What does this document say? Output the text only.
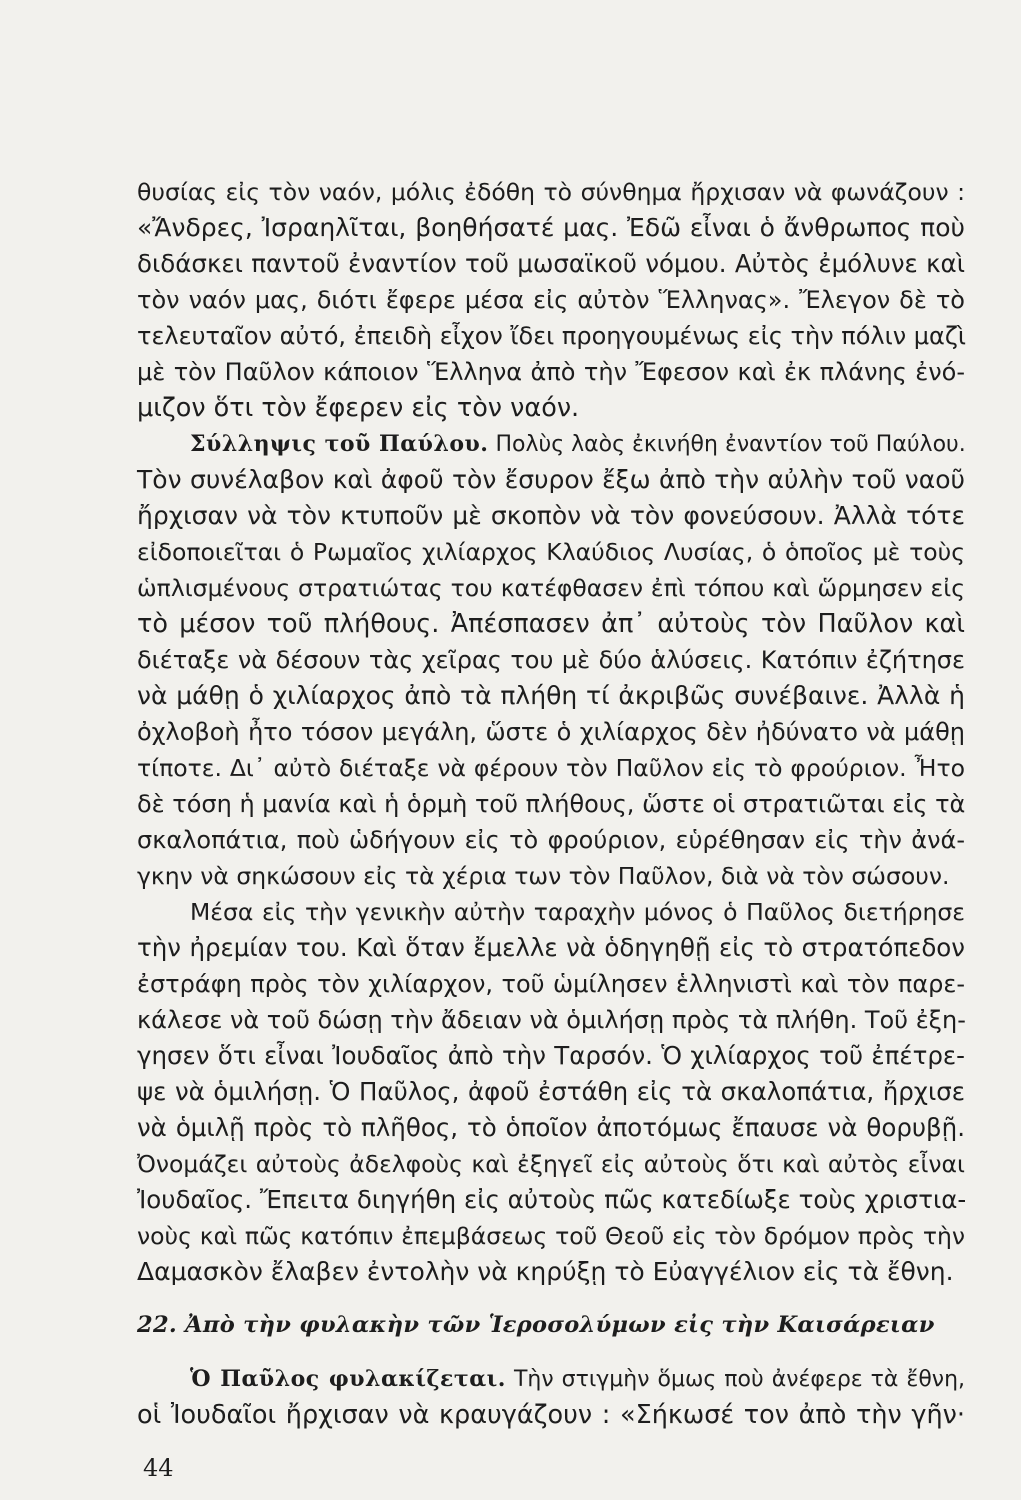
θυσίας εἰς τὸν ναόν, μόλις ἐδόθη τὸ σύνθημα ἤρχισαν νὰ φωνάζουν :
«Ἄνδρες, Ἰσραηλῖται, βοηθήσατέ μας. Ἐδῶ εἶναι ὁ ἄνθρωπος ποὺ
διδάσκει παντοῦ ἐναντίον τοῦ μωσαϊκοῦ νόμου. Αὐτὸς ἐμόλυνε καὶ
τὸν ναόν μας, διότι ἔφερε μέσα εἰς αὐτὸν Ἕλληνας». Ἔλεγον δὲ τὸ
τελευταῖον αὐτό, ἐπειδὴ εἶχον ἴδει προηγουμένως εἰς τὴν πόλιν μαζὶ
μὲ τὸν Παῦλον κάποιον Ἕλληνα ἀπὸ τὴν Ἔφεσον καὶ ἐκ πλάνης ἐνό-
μιζον ὅτι τὸν ἔφερεν εἰς τὸν ναόν.
Σύλληψις τοῦ Παύλου. Πολὺς λαὸς ἐκινήθη ἐναντίον τοῦ Παύλου.
Τὸν συνέλαβον καὶ ἀφοῦ τὸν ἔσυρον ἔξω ἀπὸ τὴν αὐλὴν τοῦ ναοῦ
ἤρχισαν νὰ τὸν κτυποῦν μὲ σκοπὸν νὰ τὸν φονεύσουν. Ἀλλὰ τότε
εἰδοποιεῖται ὁ Ρωμαῖος χιλίαρχος Κλαύδιος Λυσίας, ὁ ὁποῖος μὲ τοὺς
ὡπλισμένους στρατιώτας του κατέφθασεν ἐπὶ τόπου καὶ ὥρμησεν εἰς
τὸ μέσον τοῦ πλήθους. Ἀπέσπασεν ἀπ᾽ αὐτοὺς τὸν Παῦλον καὶ
διέταξε νὰ δέσουν τὰς χεῖρας του μὲ δύο ἁλύσεις. Κατόπιν ἐζήτησε
νὰ μάθῃ ὁ χιλίαρχος ἀπὸ τὰ πλήθη τί ἀκριβῶς συνέβαινε. Ἀλλὰ ἡ
ὀχλοβοὴ ἦτο τόσον μεγάλη, ὥστε ὁ χιλίαρχος δὲν ἠδύνατο νὰ μάθῃ
τίποτε. Δι᾽ αὐτὸ διέταξε νὰ φέρουν τὸν Παῦλον εἰς τὸ φρούριον. Ἦτο
δὲ τόση ἡ μανία καὶ ἡ ὁρμὴ τοῦ πλήθους, ὥστε οἱ στρατιῶται εἰς τὰ
σκαλοπάτια, ποὺ ὡδήγουν εἰς τὸ φρούριον, εὑρέθησαν εἰς τὴν ἀνά-
γκην νὰ σηκώσουν εἰς τὰ χέρια των τὸν Παῦλον, διὰ νὰ τὸν σώσουν.
Μέσα εἰς τὴν γενικὴν αὐτὴν ταραχὴν μόνος ὁ Παῦλος διετήρησε
τὴν ἠρεμίαν του. Καὶ ὅταν ἔμελλε νὰ ὁδηγηθῇ εἰς τὸ στρατόπεδον
ἐστράφη πρὸς τὸν χιλίαρχον, τοῦ ὡμίλησεν ἑλληνιστὶ καὶ τὸν παρε-
κάλεσε νὰ τοῦ δώσῃ τὴν ἄδειαν νὰ ὁμιλήσῃ πρὸς τὰ πλήθη. Τοῦ ἐξη-
γησεν ὅτι εἶναι Ἰουδαῖος ἀπὸ τὴν Ταρσόν. Ὁ χιλίαρχος τοῦ ἐπέτρε-
ψε νὰ ὁμιλήσῃ. Ὁ Παῦλος, ἀφοῦ ἐστάθη εἰς τὰ σκαλοπάτια, ἤρχισε
νὰ ὁμιλῇ πρὸς τὸ πλῆθος, τὸ ὁποῖον ἀποτόμως ἔπαυσε νὰ θορυβῇ.
Ὀνομάζει αὐτοὺς ἀδελφοὺς καὶ ἐξηγεῖ εἰς αὐτοὺς ὅτι καὶ αὐτὸς εἶναι
Ἰουδαῖος. Ἔπειτα διηγήθη εἰς αὐτοὺς πῶς κατεδίωξε τοὺς χριστια-
νοὺς καὶ πῶς κατόπιν ἐπεμβάσεως τοῦ Θεοῦ εἰς τὸν δρόμον πρὸς τὴν
Δαμασκὸν ἔλαβεν ἐντολὴν νὰ κηρύξῃ τὸ Εὐαγγέλιον εἰς τὰ ἔθνη.
22. Ἀπὸ τὴν φυλακὴν τῶν Ἱεροσολύμων εἰς τὴν Καισάρειαν
Ὁ Παῦλος φυλακίζεται. Τὴν στιγμὴν ὅμως ποὺ ἀνέφερε τὰ ἔθνη,
οἱ Ἰουδαῖοι ἤρχισαν νὰ κραυγάζουν : «Σήκωσέ τον ἀπὸ τὴν γῆν·
44
